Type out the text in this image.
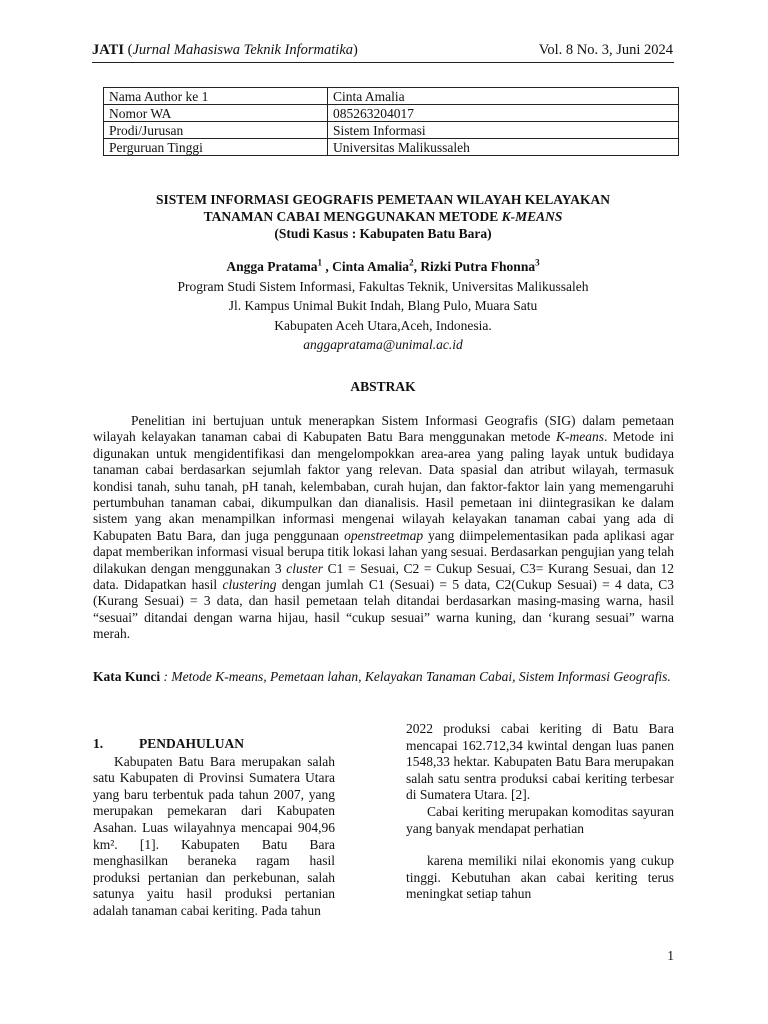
JATI (Jurnal Mahasiswa Teknik Informatika)	Vol. 8 No. 3, Juni 2024
Nama Author ke 1	Cinta Amalia
Nomor WA	085263204017
Prodi/Jurusan	Sistem Informasi
Perguruan Tinggi	Universitas Malikussaleh
SISTEM INFORMASI GEOGRAFIS PEMETAAN WILAYAH KELAYAKAN
TANAMAN CABAI MENGGUNAKAN METODE K-MEANS
(Studi Kasus : Kabupaten Batu Bara)
Angga Pratama$^1$ , Cinta Amalia$^2$, Rizki Putra Fhonna$^3$
Program Studi Sistem Informasi, Fakultas Teknik, Universitas Malikussaleh
Jl. Kampus Unimal Bukit Indah, Blang Pulo, Muara Satu
Kabupaten Aceh Utara,Aceh, Indonesia.
anggapratama@unimal.ac.id
ABSTRAK

Penelitian ini bertujuan untuk menerapkan Sistem Informasi Geografis (SIG) dalam pemetaan wilayah kelayakan tanaman cabai di Kabupaten Batu Bara menggunakan metode K-means. Metode ini digunakan untuk mengidentifikasi dan mengelompokkan area-area yang paling layak untuk budidaya tanaman cabai berdasarkan sejumlah faktor yang relevan. Data spasial dan atribut wilayah, termasuk kondisi tanah, suhu tanah, pH tanah, kelembaban, curah hujan, dan faktor-faktor lain yang memengaruhi pertumbuhan tanaman cabai, dikumpulkan dan dianalisis. Hasil pemetaan ini diintegrasikan ke dalam sistem yang akan menampilkan informasi mengenai wilayah kelayakan tanaman cabai yang ada di Kabupaten Batu Bara, dan juga penggunaan openstreetmap yang diimpelementasikan pada aplikasi agar dapat memberikan informasi visual berupa titik lokasi lahan yang sesuai. Berdasarkan pengujian yang telah dilakukan dengan menggunakan 3 cluster C1 = Sesuai, C2 = Cukup Sesuai, C3= Kurang Sesuai, dan 12 data. Didapatkan hasil clustering dengan jumlah C1 (Sesuai) = 5 data, C2(Cukup Sesuai) = 4 data, C3 (Kurang Sesuai) = 3 data, dan hasil pemetaan telah ditandai berdasarkan masing-masing warna, hasil “sesuai” ditandai dengan warna hijau, hasil “cukup sesuai” warna kuning, dan ‘kurang sesuai” warna merah.

Kata Kunci : Metode K-means, Pemetaan lahan, Kelayakan Tanaman Cabai, Sistem Informasi Geografis.

1.	PENDAHULUAN

Kabupaten Batu Bara merupakan salah satu Kabupaten di Provinsi Sumatera Utara yang baru terbentuk pada tahun 2007, yang merupakan pemekaran dari Kabupaten Asahan. Luas wilayahnya mencapai 904,96 km². [1]. Kabupaten Batu Bara menghasilkan beraneka ragam hasil produksi pertanian dan perkebunan, salah satunya yaitu hasil produksi pertanian adalah tanaman cabai keriting. Pada tahun

2022 produksi cabai keriting di Batu Bara mencapai 162.712,34 kwintal dengan luas panen 1548,33 hektar. Kabupaten Batu Bara merupakan salah satu sentra produksi cabai keriting terbesar di Sumatera Utara. [2].

Cabai keriting merupakan komoditas sayuran yang banyak mendapat perhatian

karena memiliki nilai ekonomis yang cukup tinggi. Kebutuhan akan cabai keriting terus meningkat setiap tahun

1
